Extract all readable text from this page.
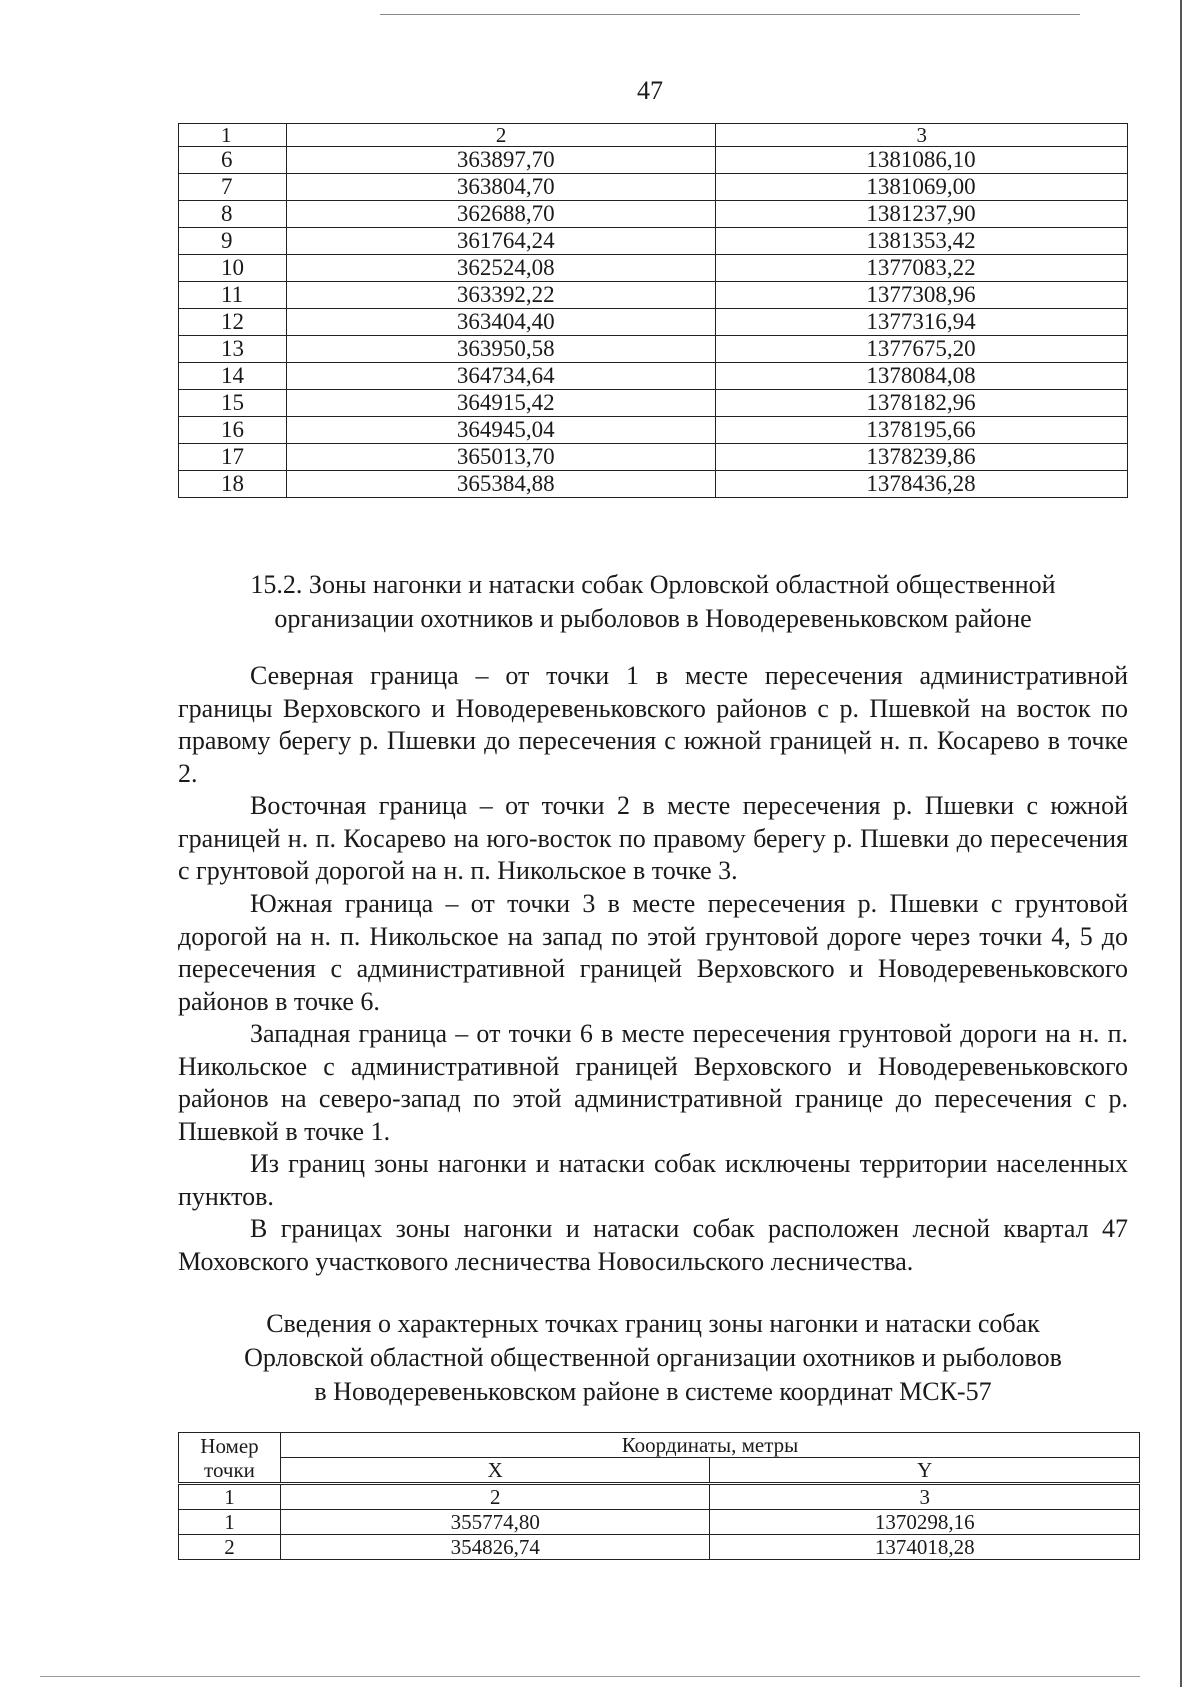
47
1	2	3
6	363897,70	1381086,10
7	363804,70	1381069,00
8	362688,70	1381237,90
9	361764,24	1381353,42
10	362524,08	1377083,22
11	363392,22	1377308,96
12	363404,40	1377316,94
13	363950,58	1377675,20
14	364734,64	1378084,08
15	364915,42	1378182,96
16	364945,04	1378195,66
17	365013,70	1378239,86
18	365384,88	1378436,28
15.2. Зоны нагонки и натаски собак Орловской областной общественной
организации охотников и рыболовов в Новодеревеньковском районе

Северная граница – от точки 1 в месте пересечения административной границы Верховского и Новодеревеньковского районов с р. Пшевкой на восток по правому берегу р. Пшевки до пересечения с южной границей н. п. Косарево в точке 2.

Восточная граница – от точки 2 в месте пересечения р. Пшевки с южной границей н. п. Косарево на юго-восток по правому берегу р. Пшевки до пересечения с грунтовой дорогой на н. п. Никольское в точке 3.

Южная граница – от точки 3 в месте пересечения р. Пшевки с грунтовой дорогой на н. п. Никольское на запад по этой грунтовой дороге через точки 4, 5 до пересечения с административной границей Верховского и Новодеревеньковского районов в точке 6.

Западная граница – от точки 6 в месте пересечения грунтовой дороги на н. п. Никольское с административной границей Верховского и Новодеревеньковского районов на северо-запад по этой административной границе до пересечения с р. Пшевкой в точке 1.

Из границ зоны нагонки и натаски собак исключены территории населенных пунктов.

В границах зоны нагонки и натаски собак расположен лесной квартал 47 Моховского участкового лесничества Новосильского лесничества.

Сведения о характерных точках границ зоны нагонки и натаски собак
Орловской областной общественной организации охотников и рыболовов
в Новодеревеньковском районе в системе координат МСК-57
Номер
точки	Координаты, метры	
	X	Y
1	2	3
1	355774,80	1370298,16
2	354826,74	1374018,28
